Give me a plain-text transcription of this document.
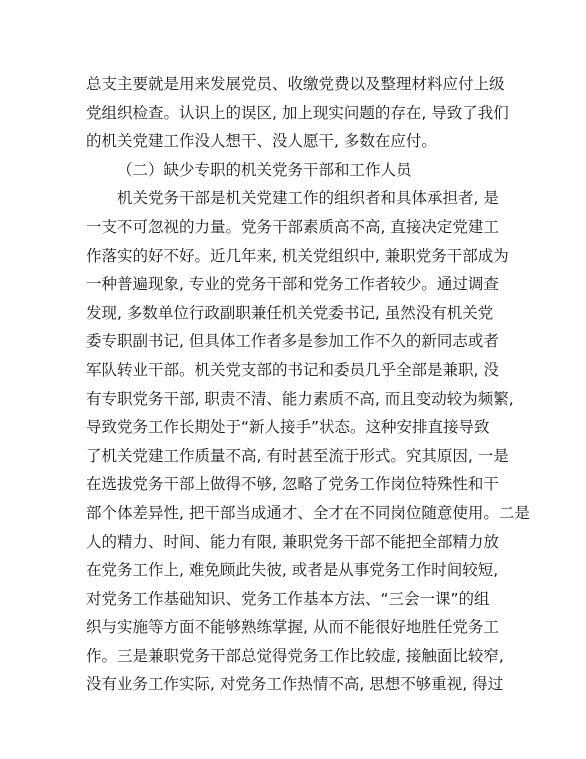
总支主要就是用来发展党员、收缴党费以及整理材料应付上级
党组织检查。认识上的误区, 加上现实问题的存在, 导致了我们
的机关党建工作没人想干、没人愿干, 多数在应付。
（二）缺少专职的机关党务干部和工作人员
机关党务干部是机关党建工作的组织者和具体承担者, 是
一支不可忽视的力量。党务干部素质高不高, 直接决定党建工
作落实的好不好。近几年来, 机关党组织中, 兼职党务干部成为
一种普遍现象, 专业的党务干部和党务工作者较少。通过调查
发现, 多数单位行政副职兼任机关党委书记, 虽然没有机关党
委专职副书记, 但具体工作者多是参加工作不久的新同志或者
军队转业干部。机关党支部的书记和委员几乎全部是兼职, 没
有专职党务干部, 职责不清、能力素质不高, 而且变动较为频繁,
导致党务工作长期处于“新人接手”状态。这种安排直接导致
了机关党建工作质量不高, 有时甚至流于形式。究其原因, 一是
在选拔党务干部上做得不够, 忽略了党务工作岗位特殊性和干
部个体差异性, 把干部当成通才、全才在不同岗位随意使用。二是
人的精力、时间、能力有限, 兼职党务干部不能把全部精力放
在党务工作上, 难免顾此失彼, 或者是从事党务工作时间较短,
对党务工作基础知识、党务工作基本方法、“三会一课”的组
织与实施等方面不能够熟练掌握, 从而不能很好地胜任党务工
作。三是兼职党务干部总觉得党务工作比较虚, 接触面比较窄,
没有业务工作实际, 对党务工作热情不高, 思想不够重视, 得过
